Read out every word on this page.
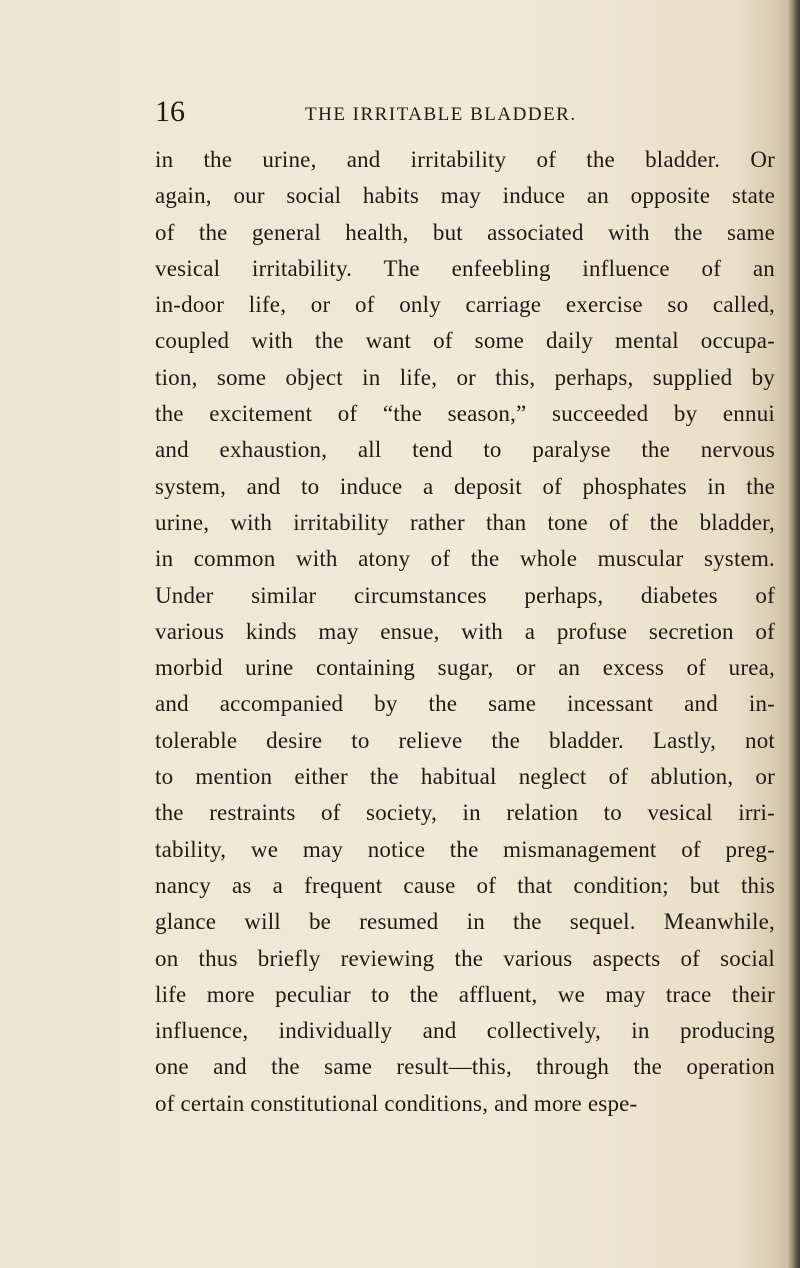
16	THE IRRITABLE BLADDER.
in the urine, and irritability of the bladder. Or
again, our social habits may induce an opposite state
of the general health, but associated with the same
vesical irritability. The enfeebling influence of an
in-door life, or of only carriage exercise so called,
coupled with the want of some daily mental occupa-
tion, some object in life, or this, perhaps, supplied by
the excitement of “the season,” succeeded by ennui
and exhaustion, all tend to paralyse the nervous
system, and to induce a deposit of phosphates in the
urine, with irritability rather than tone of the bladder,
in common with atony of the whole muscular system.
Under similar circumstances perhaps, diabetes of
various kinds may ensue, with a profuse secretion of
morbid urine containing sugar, or an excess of urea,
and accompanied by the same incessant and in-
tolerable desire to relieve the bladder. Lastly, not
to mention either the habitual neglect of ablution, or
the restraints of society, in relation to vesical irri-
tability, we may notice the mismanagement of preg-
nancy as a frequent cause of that condition; but this
glance will be resumed in the sequel. Meanwhile,
on thus briefly reviewing the various aspects of social
life more peculiar to the affluent, we may trace their
influence, individually and collectively, in producing
one and the same result—this, through the operation
of certain constitutional conditions, and more espe-
